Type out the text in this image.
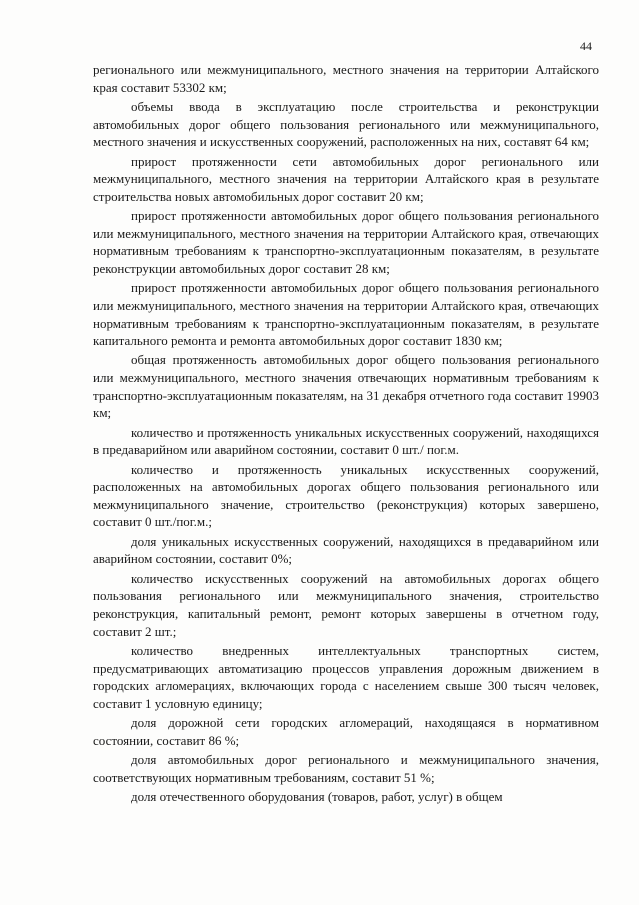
44

регионального или межмуниципального, местного значения на территории Алтайского края составит 53302 км;

объемы ввода в эксплуатацию после строительства и реконструкции автомобильных дорог общего пользования регионального или межмуниципального, местного значения и искусственных сооружений, расположенных на них, составят 64 км;

прирост протяженности сети автомобильных дорог регионального или межмуниципального, местного значения на территории Алтайского края в результате строительства новых автомобильных дорог составит 20 км;

прирост протяженности автомобильных дорог общего пользования регионального или межмуниципального, местного значения на территории Алтайского края, отвечающих нормативным требованиям к транспортно-эксплуатационным показателям, в результате реконструкции автомобильных дорог составит 28 км;

прирост протяженности автомобильных дорог общего пользования регионального или межмуниципального, местного значения на территории Алтайского края, отвечающих нормативным требованиям к транспортно-эксплуатационным показателям, в результате капитального ремонта и ремонта автомобильных дорог составит 1830 км;

общая протяженность автомобильных дорог общего пользования регионального или межмуниципального, местного значения отвечающих нормативным требованиям к транспортно-эксплуатационным показателям, на 31 декабря отчетного года составит 19903 км;

количество и протяженность уникальных искусственных сооружений, находящихся в предаварийном или аварийном состоянии, составит 0 шт./ пог.м.

количество и протяженность уникальных искусственных сооружений, расположенных на автомобильных дорогах общего пользования регионального или межмуниципального значение, строительство (реконструкция) которых завершено, составит 0 шт./пог.м.;

доля уникальных искусственных сооружений, находящихся в предаварийном или аварийном состоянии, составит 0%;

количество искусственных сооружений на автомобильных дорогах общего пользования регионального или межмуниципального значения, строительство реконструкция, капитальный ремонт, ремонт которых завершены в отчетном году, составит 2 шт.;

количество внедренных интеллектуальных транспортных систем, предусматривающих автоматизацию процессов управления дорожным движением в городских агломерациях, включающих города с населением свыше 300 тысяч человек, составит 1 условную единицу;

доля дорожной сети городских агломераций, находящаяся в нормативном состоянии, составит 86 %;

доля автомобильных дорог регионального и межмуниципального значения, соответствующих нормативным требованиям, составит 51 %;

доля отечественного оборудования (товаров, работ, услуг) в общем
